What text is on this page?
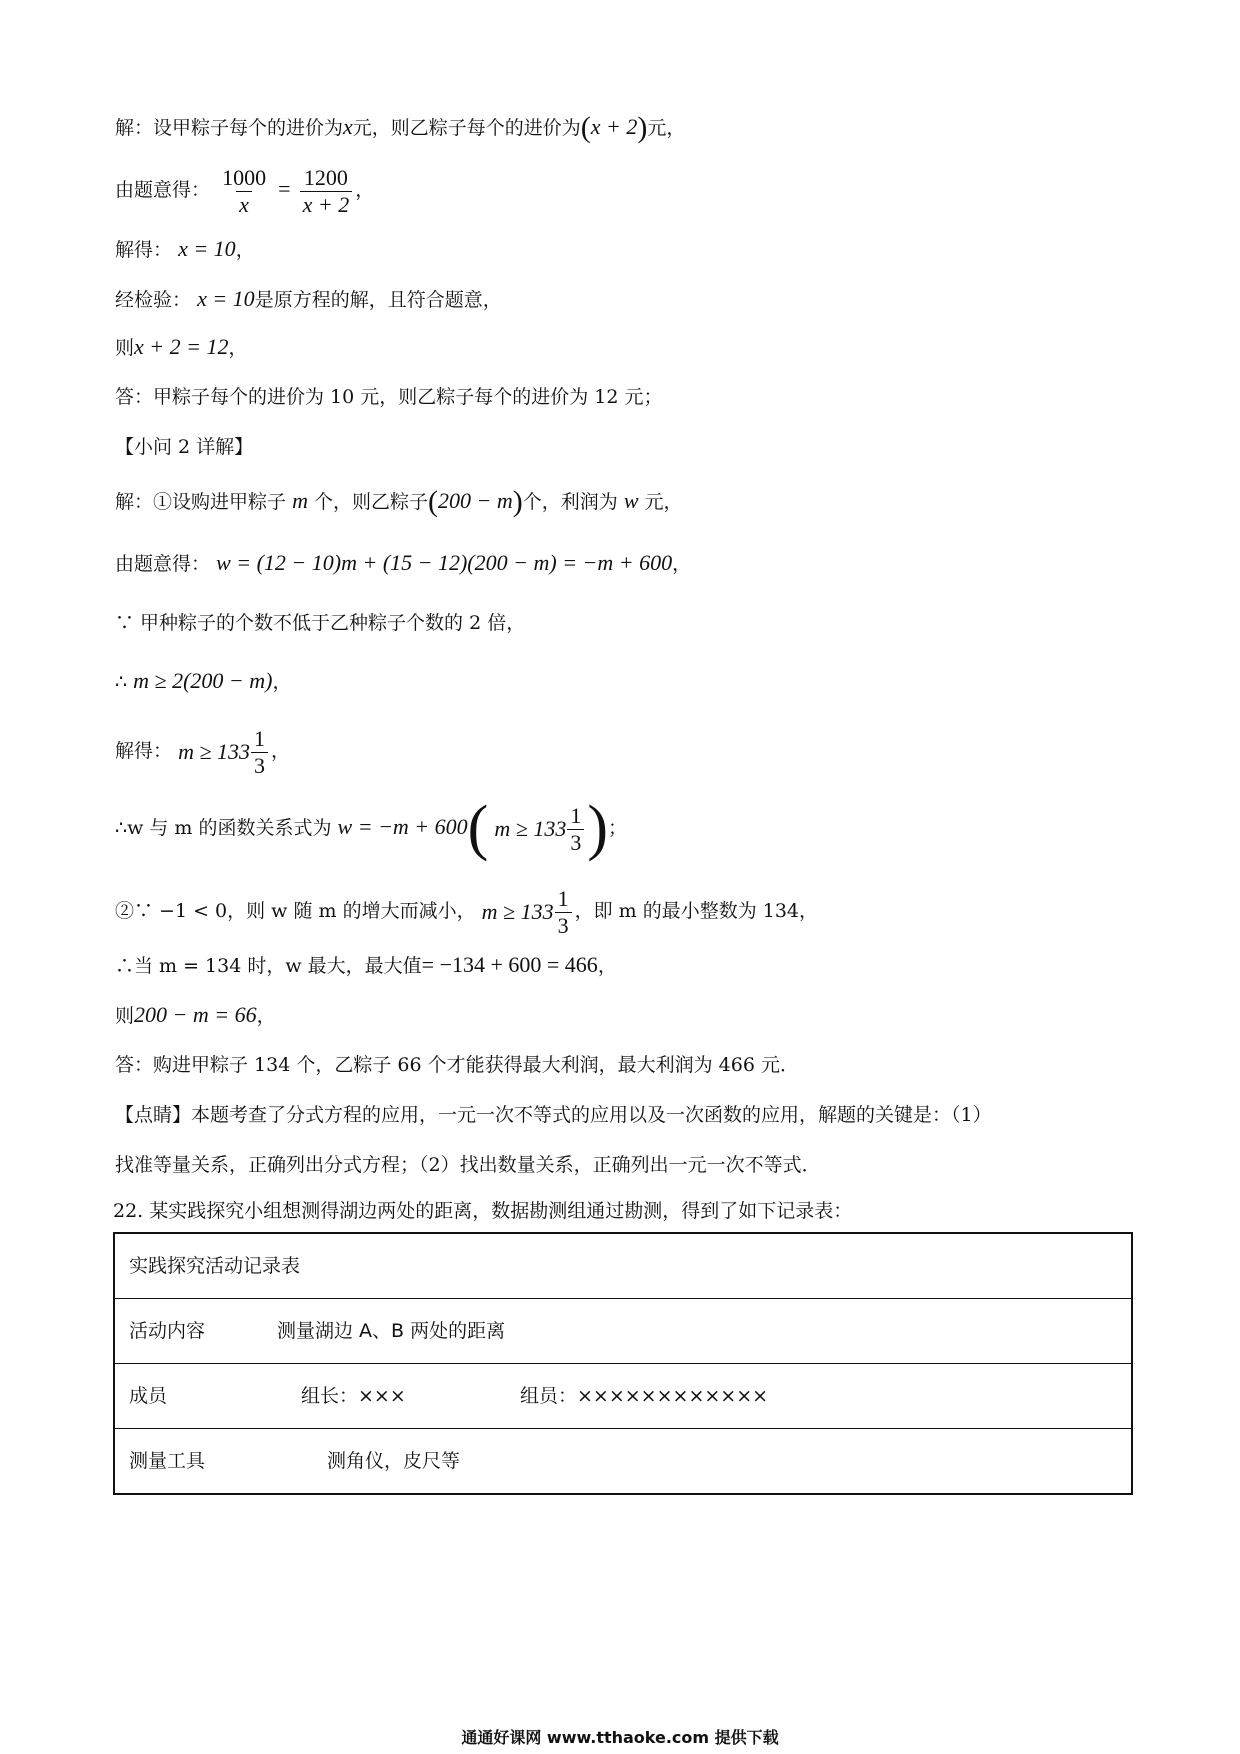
解：设甲粽子每个的进价为x元，则乙粽子每个的进价为(x + 2)元，
由题意得： $\frac{1000}{x} = \frac{1200}{x + 2}$ ，
解得： x = 10，
经检验： x = 10是原方程的解，且符合题意，
则x + 2 = 12，
答：甲粽子每个的进价为 10 元，则乙粽子每个的进价为 12 元；
【小问 2 详解】
解：①设购进甲粽子 m 个，则乙粽子(200 − m)个，利润为 w 元，
由题意得： w = (12 − 10)m + (15 − 12)(200 − m) = −m + 600，
∵ 甲种粽子的个数不低于乙种粽子个数的 2 倍，
∴ m ≥ 2(200 − m)，
解得： $m \ge 133 \frac{1}{3}$ ，
∴w 与 m 的函数关系式为 w = −m + 600( $m \ge 133 \frac{1}{3}$ )；
②∵ −1 < 0，则 w 随 m 的增大而减小， $m \ge 133 \frac{1}{3}$ ，即 m 的最小整数为 134，
∴当 m = 134 时，w 最大，最大值= −134 + 600 = 466，
则200 − m = 66，
答：购进甲粽子 134 个，乙粽子 66 个才能获得最大利润，最大利润为 466 元．
【点睛】本题考查了分式方程的应用，一元一次不等式的应用以及一次函数的应用，解题的关键是：（1）
找准等量关系，正确列出分式方程；（2）找出数量关系，正确列出一元一次不等式．
22. 某实践探究小组想测得湖边两处的距离，数据勘测组通过勘测，得到了如下记录表：
实践探究活动记录表
活动内容	测量湖边 A、B 两处的距离
成员	组长：×××	组员：××××××××××××
测量工具	测角仪，皮尺等
通通好课网 www.tthaoke.com 提供下载
